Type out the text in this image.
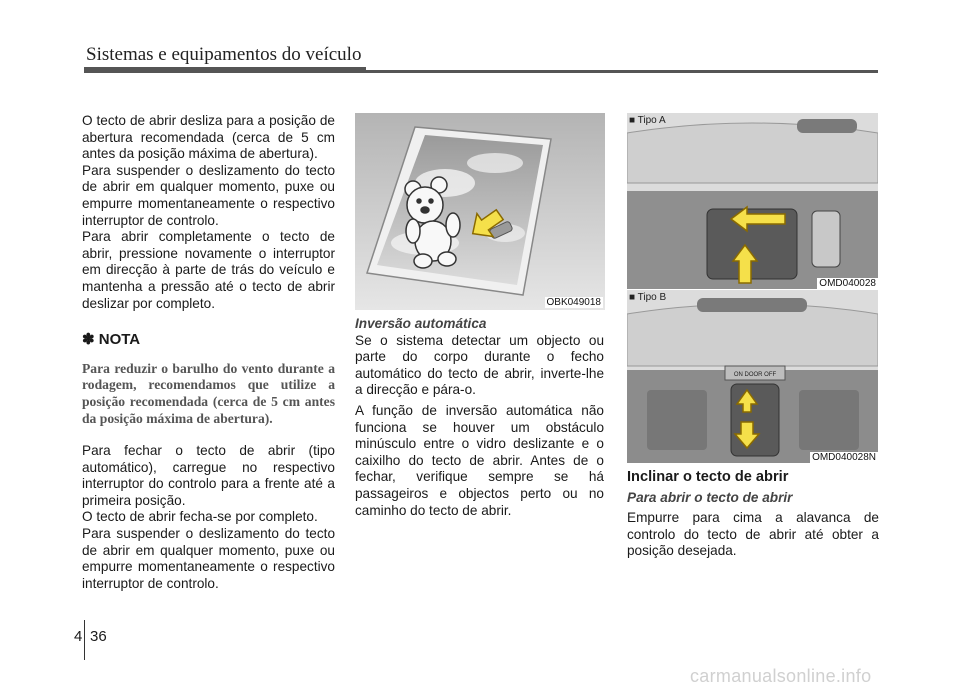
Sistemas e equipamentos do veículo

O tecto de abrir desliza para a posição de abertura recomendada (cerca de 5 cm antes da posição máxima de abertura).

Para suspender o deslizamento do tecto de abrir em qualquer momento, puxe ou empurre momentaneamente o respectivo interruptor de controlo.

Para abrir completamente o tecto de abrir, pressione novamente o interruptor em direcção à parte de trás do veículo e mantenha a pressão até o tecto de abrir deslizar por completo.

✽ NOTA

Para reduzir o barulho do vento durante a rodagem, recomendamos que utilize a posição recomendada (cerca de 5 cm antes da posição máxima de abertura).

Para fechar o tecto de abrir (tipo automático), carregue no respectivo interruptor do controlo para a frente até a primeira posição.

O tecto de abrir fecha-se por completo.

Para suspender o deslizamento do tecto de abrir em qualquer momento, puxe ou empurre momentaneamente o respectivo interruptor de controlo.

OBK049018

Inversão automática

Se o sistema detectar um objecto ou parte do corpo durante o fecho automático do tecto de abrir, inverte-lhe a direcção e pára-o.

A função de inversão automática não funciona se houver um obstáculo minúsculo entre o vidro deslizante e o caixilho do tecto de abrir. Antes de o fechar, verifique sempre se há passageiros e objectos perto ou no caminho do tecto de abrir.

■ Tipo A
OMD040028
ON DOOR OFF
■ Tipo B
OMD040028N
Inclinar o tecto de abrir

Para abrir o tecto de abrir

Empurre para cima a alavanca de controlo do tecto de abrir até obter a posição desejada.

4 36
carmanualsonline.info
